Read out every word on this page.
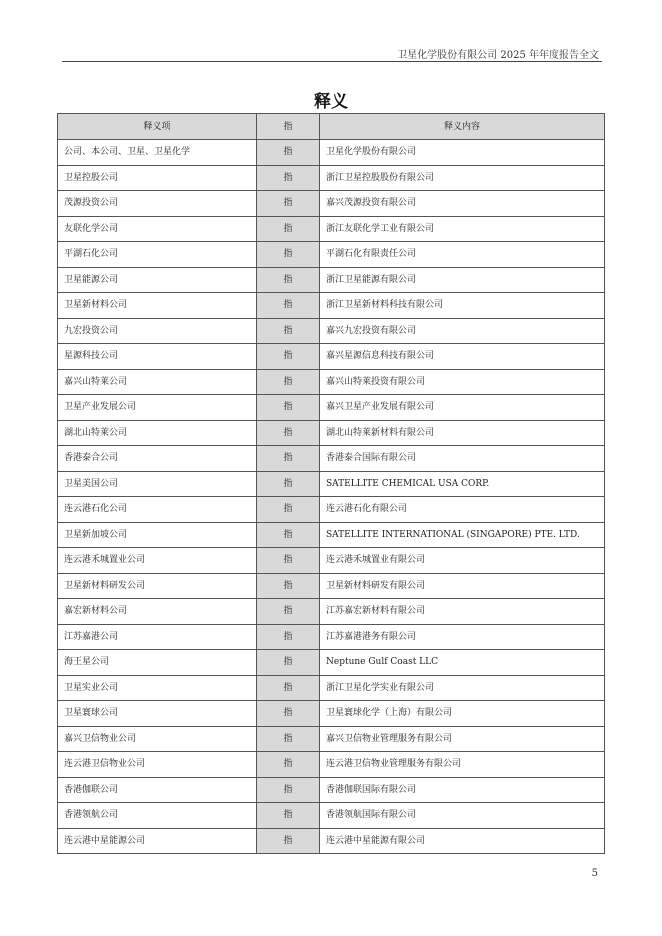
卫星化学股份有限公司 2025 年年度报告全文
释义
释义项	指	释义内容
公司、本公司、卫星、卫星化学	指	卫星化学股份有限公司
卫星控股公司	指	浙江卫星控股股份有限公司
茂源投资公司	指	嘉兴茂源投资有限公司
友联化学公司	指	浙江友联化学工业有限公司
平湖石化公司	指	平湖石化有限责任公司
卫星能源公司	指	浙江卫星能源有限公司
卫星新材料公司	指	浙江卫星新材料科技有限公司
九宏投资公司	指	嘉兴九宏投资有限公司
星源科技公司	指	嘉兴星源信息科技有限公司
嘉兴山特莱公司	指	嘉兴山特莱投资有限公司
卫星产业发展公司	指	嘉兴卫星产业发展有限公司
湖北山特莱公司	指	湖北山特莱新材料有限公司
香港泰合公司	指	香港泰合国际有限公司
卫星美国公司	指	SATELLITE CHEMICAL USA CORP.
连云港石化公司	指	连云港石化有限公司
卫星新加坡公司	指	SATELLITE INTERNATIONAL (SINGAPORE) PTE. LTD.
连云港禾城置业公司	指	连云港禾城置业有限公司
卫星新材料研发公司	指	卫星新材料研发有限公司
嘉宏新材料公司	指	江苏嘉宏新材料有限公司
江苏嘉港公司	指	江苏嘉港港务有限公司
海王星公司	指	Neptune Gulf Coast LLC
卫星实业公司	指	浙江卫星化学实业有限公司
卫星寰球公司	指	卫星寰球化学（上海）有限公司
嘉兴卫信物业公司	指	嘉兴卫信物业管理服务有限公司
连云港卫信物业公司	指	连云港卫信物业管理服务有限公司
香港伽联公司	指	香港伽联国际有限公司
香港领航公司	指	香港领航国际有限公司
连云港中星能源公司	指	连云港中星能源有限公司
5
